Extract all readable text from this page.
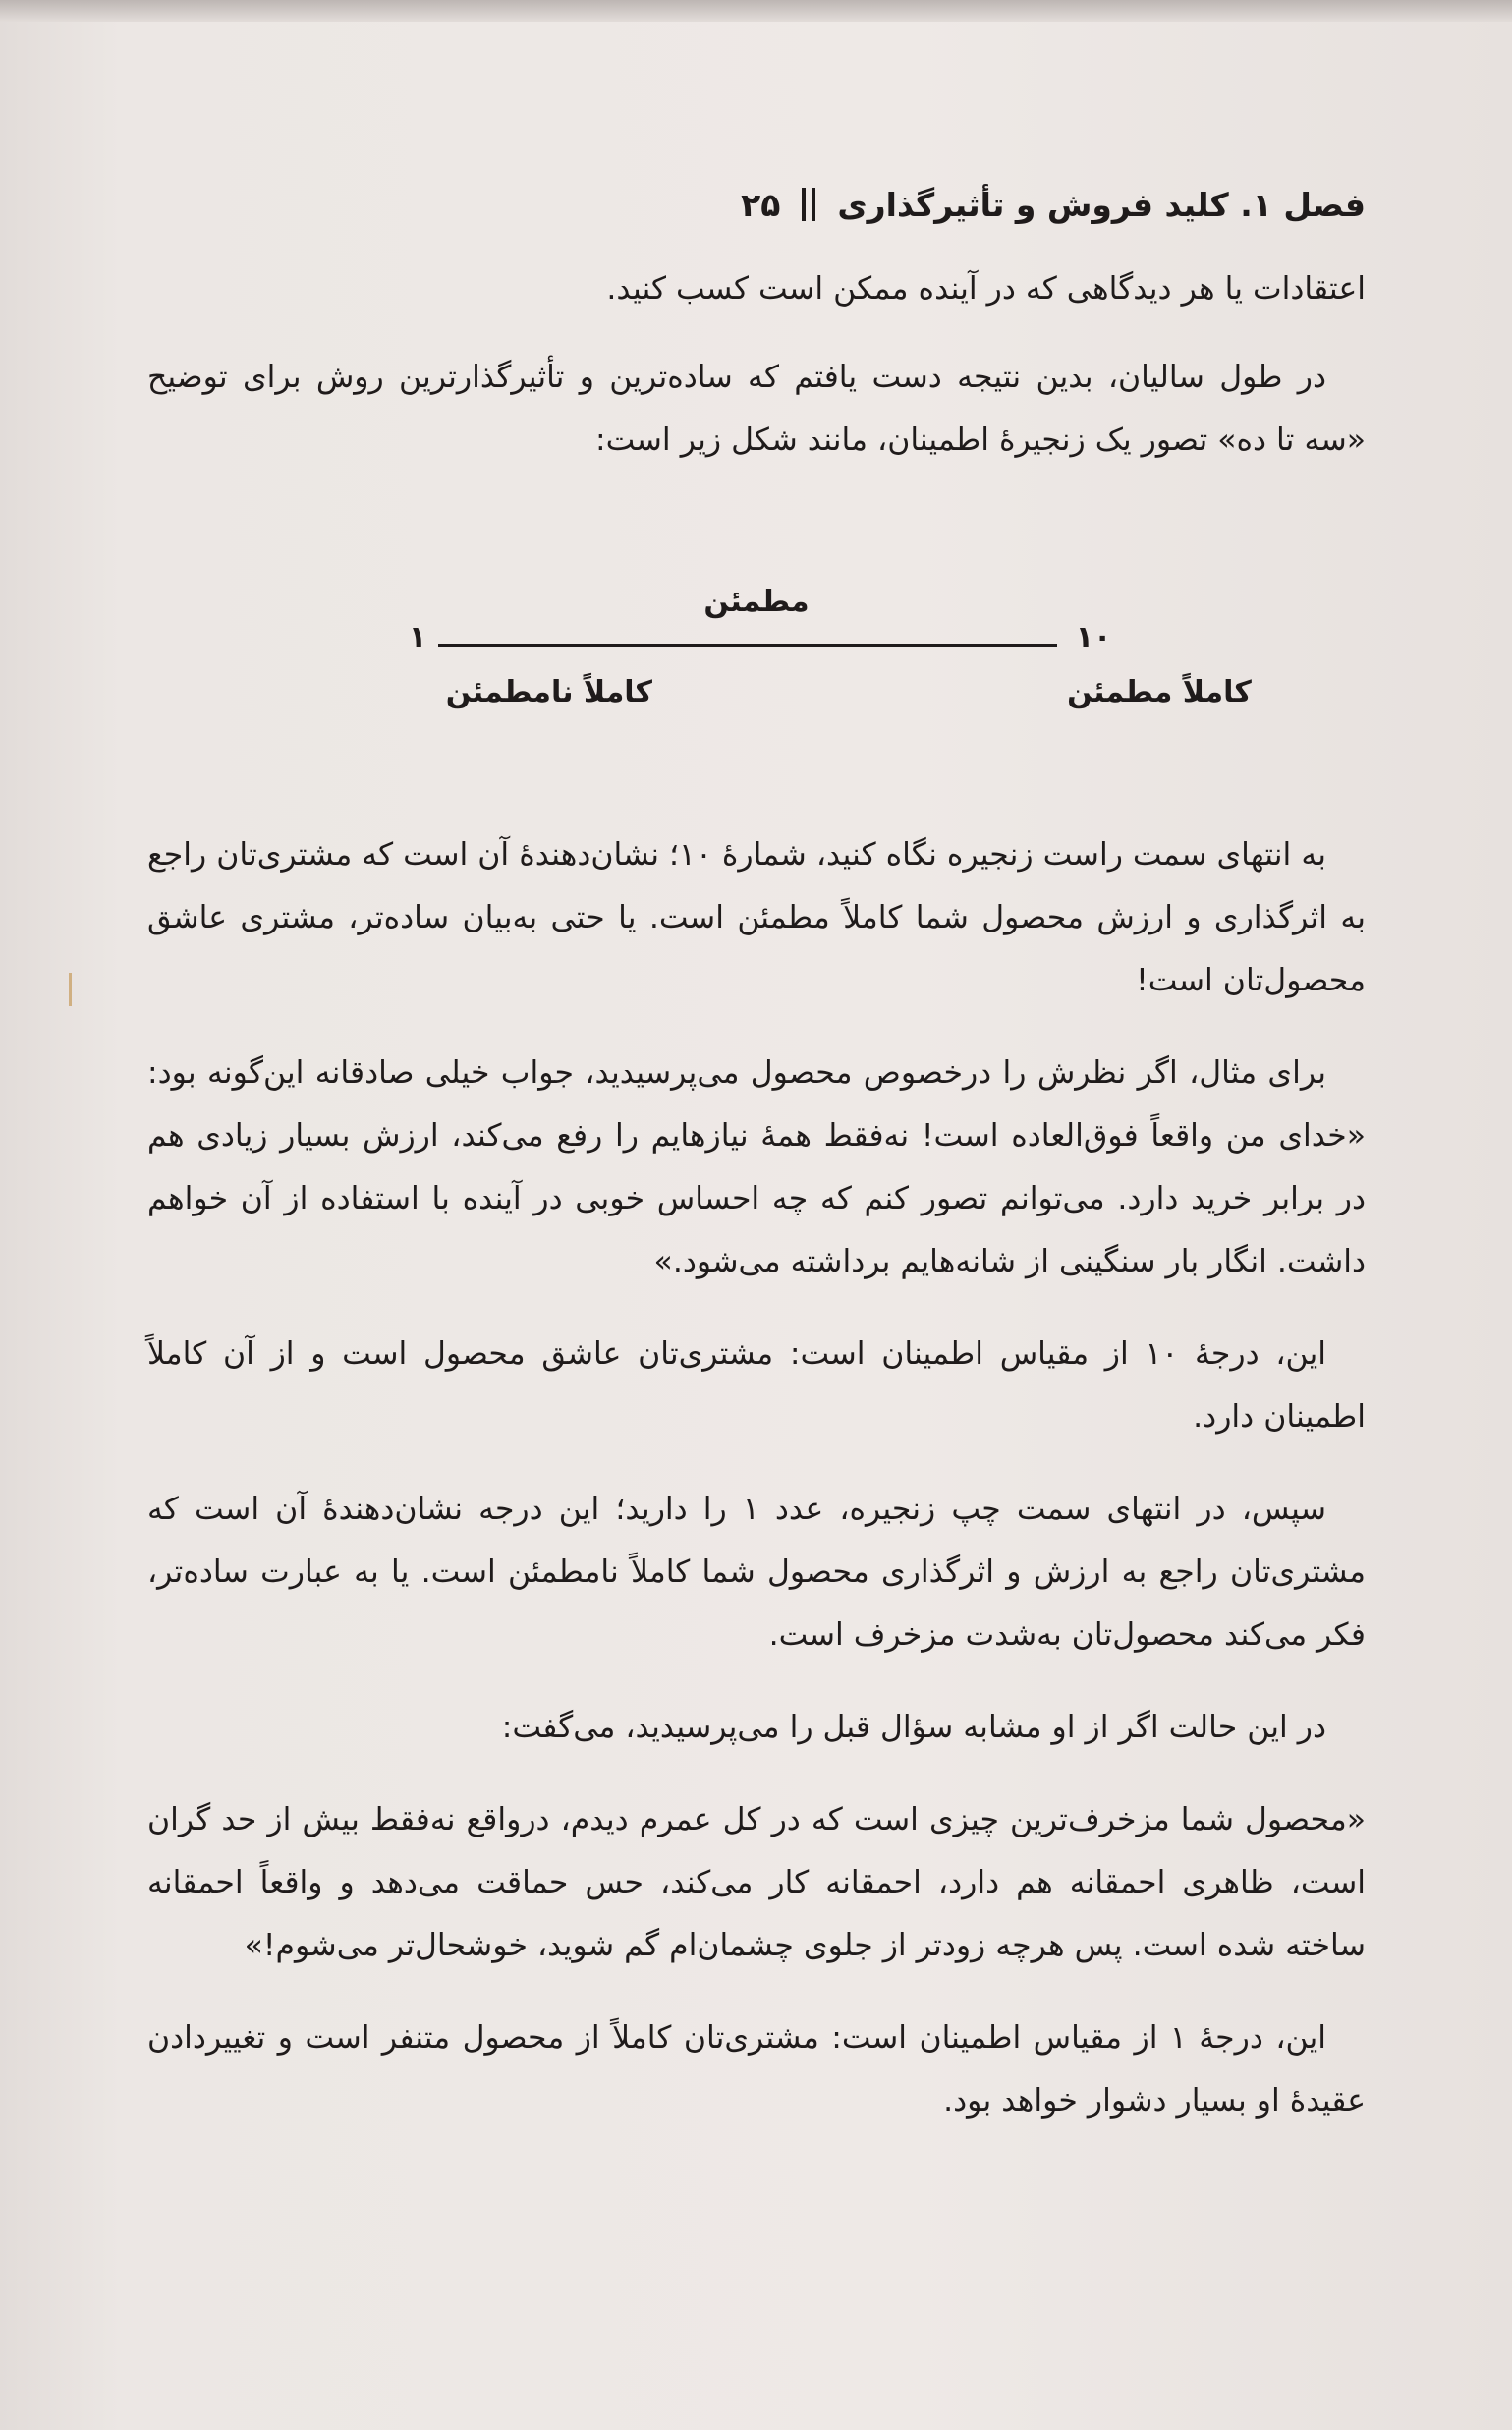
فصل ۱. کلید فروش و تأثیرگذاری
۲۵

اعتقادات یا هر دیدگاهی که در آینده ممکن است کسب کنید.

در طول سالیان، بدین نتیجه دست یافتم که ساده‌ترین و تأثیرگذارترین روش برای توضیح «سه تا ده» تصور یک زنجیرهٔ اطمینان، مانند شکل زیر است:

مطمئن
۱۰
۱
کاملاً مطمئن
کاملاً نامطمئن

به انتهای سمت راست زنجیره نگاه کنید، شمارهٔ ۱۰؛ نشان‌دهندهٔ آن است که مشتری‌تان راجع به اثرگذاری و ارزش محصول شما کاملاً مطمئن است. یا حتی به‌بیان ساده‌تر، مشتری عاشق محصول‌تان است!

برای مثال، اگر نظرش را درخصوص محصول می‌پرسیدید، جواب خیلی صادقانه این‌گونه بود: «خدای من واقعاً فوق‌العاده است! نه‌فقط همهٔ نیازهایم را رفع می‌کند، ارزش بسیار زیادی هم در برابر خرید دارد. می‌توانم تصور کنم که چه احساس خوبی در آینده با استفاده از آن خواهم داشت. انگار بار سنگینی از شانه‌هایم برداشته می‌شود.»

این، درجهٔ ۱۰ از مقیاس اطمینان است: مشتری‌تان عاشق محصول است و از آن کاملاً اطمینان دارد.

سپس، در انتهای سمت چپ زنجیره، عدد ۱ را دارید؛ این درجه نشان‌دهندهٔ آن است که مشتری‌تان راجع به ارزش و اثرگذاری محصول شما کاملاً نامطمئن است. یا به عبارت ساده‌تر، فکر می‌کند محصول‌تان به‌شدت مزخرف است.

در این حالت اگر از او مشابه سؤال قبل را می‌پرسیدید، می‌گفت:

«محصول شما مزخرف‌ترین چیزی است که در کل عمرم دیدم، درواقع نه‌فقط بیش از حد گران است، ظاهری احمقانه هم دارد، احمقانه کار می‌کند، حس حماقت می‌دهد و واقعاً احمقانه ساخته شده است. پس هرچه زودتر از جلوی چشمان‌ام گم شوید، خوشحال‌تر می‌شوم!»

این، درجهٔ ۱ از مقیاس اطمینان است: مشتری‌تان کاملاً از محصول متنفر است و تغییردادن عقیدهٔ او بسیار دشوار خواهد بود.
